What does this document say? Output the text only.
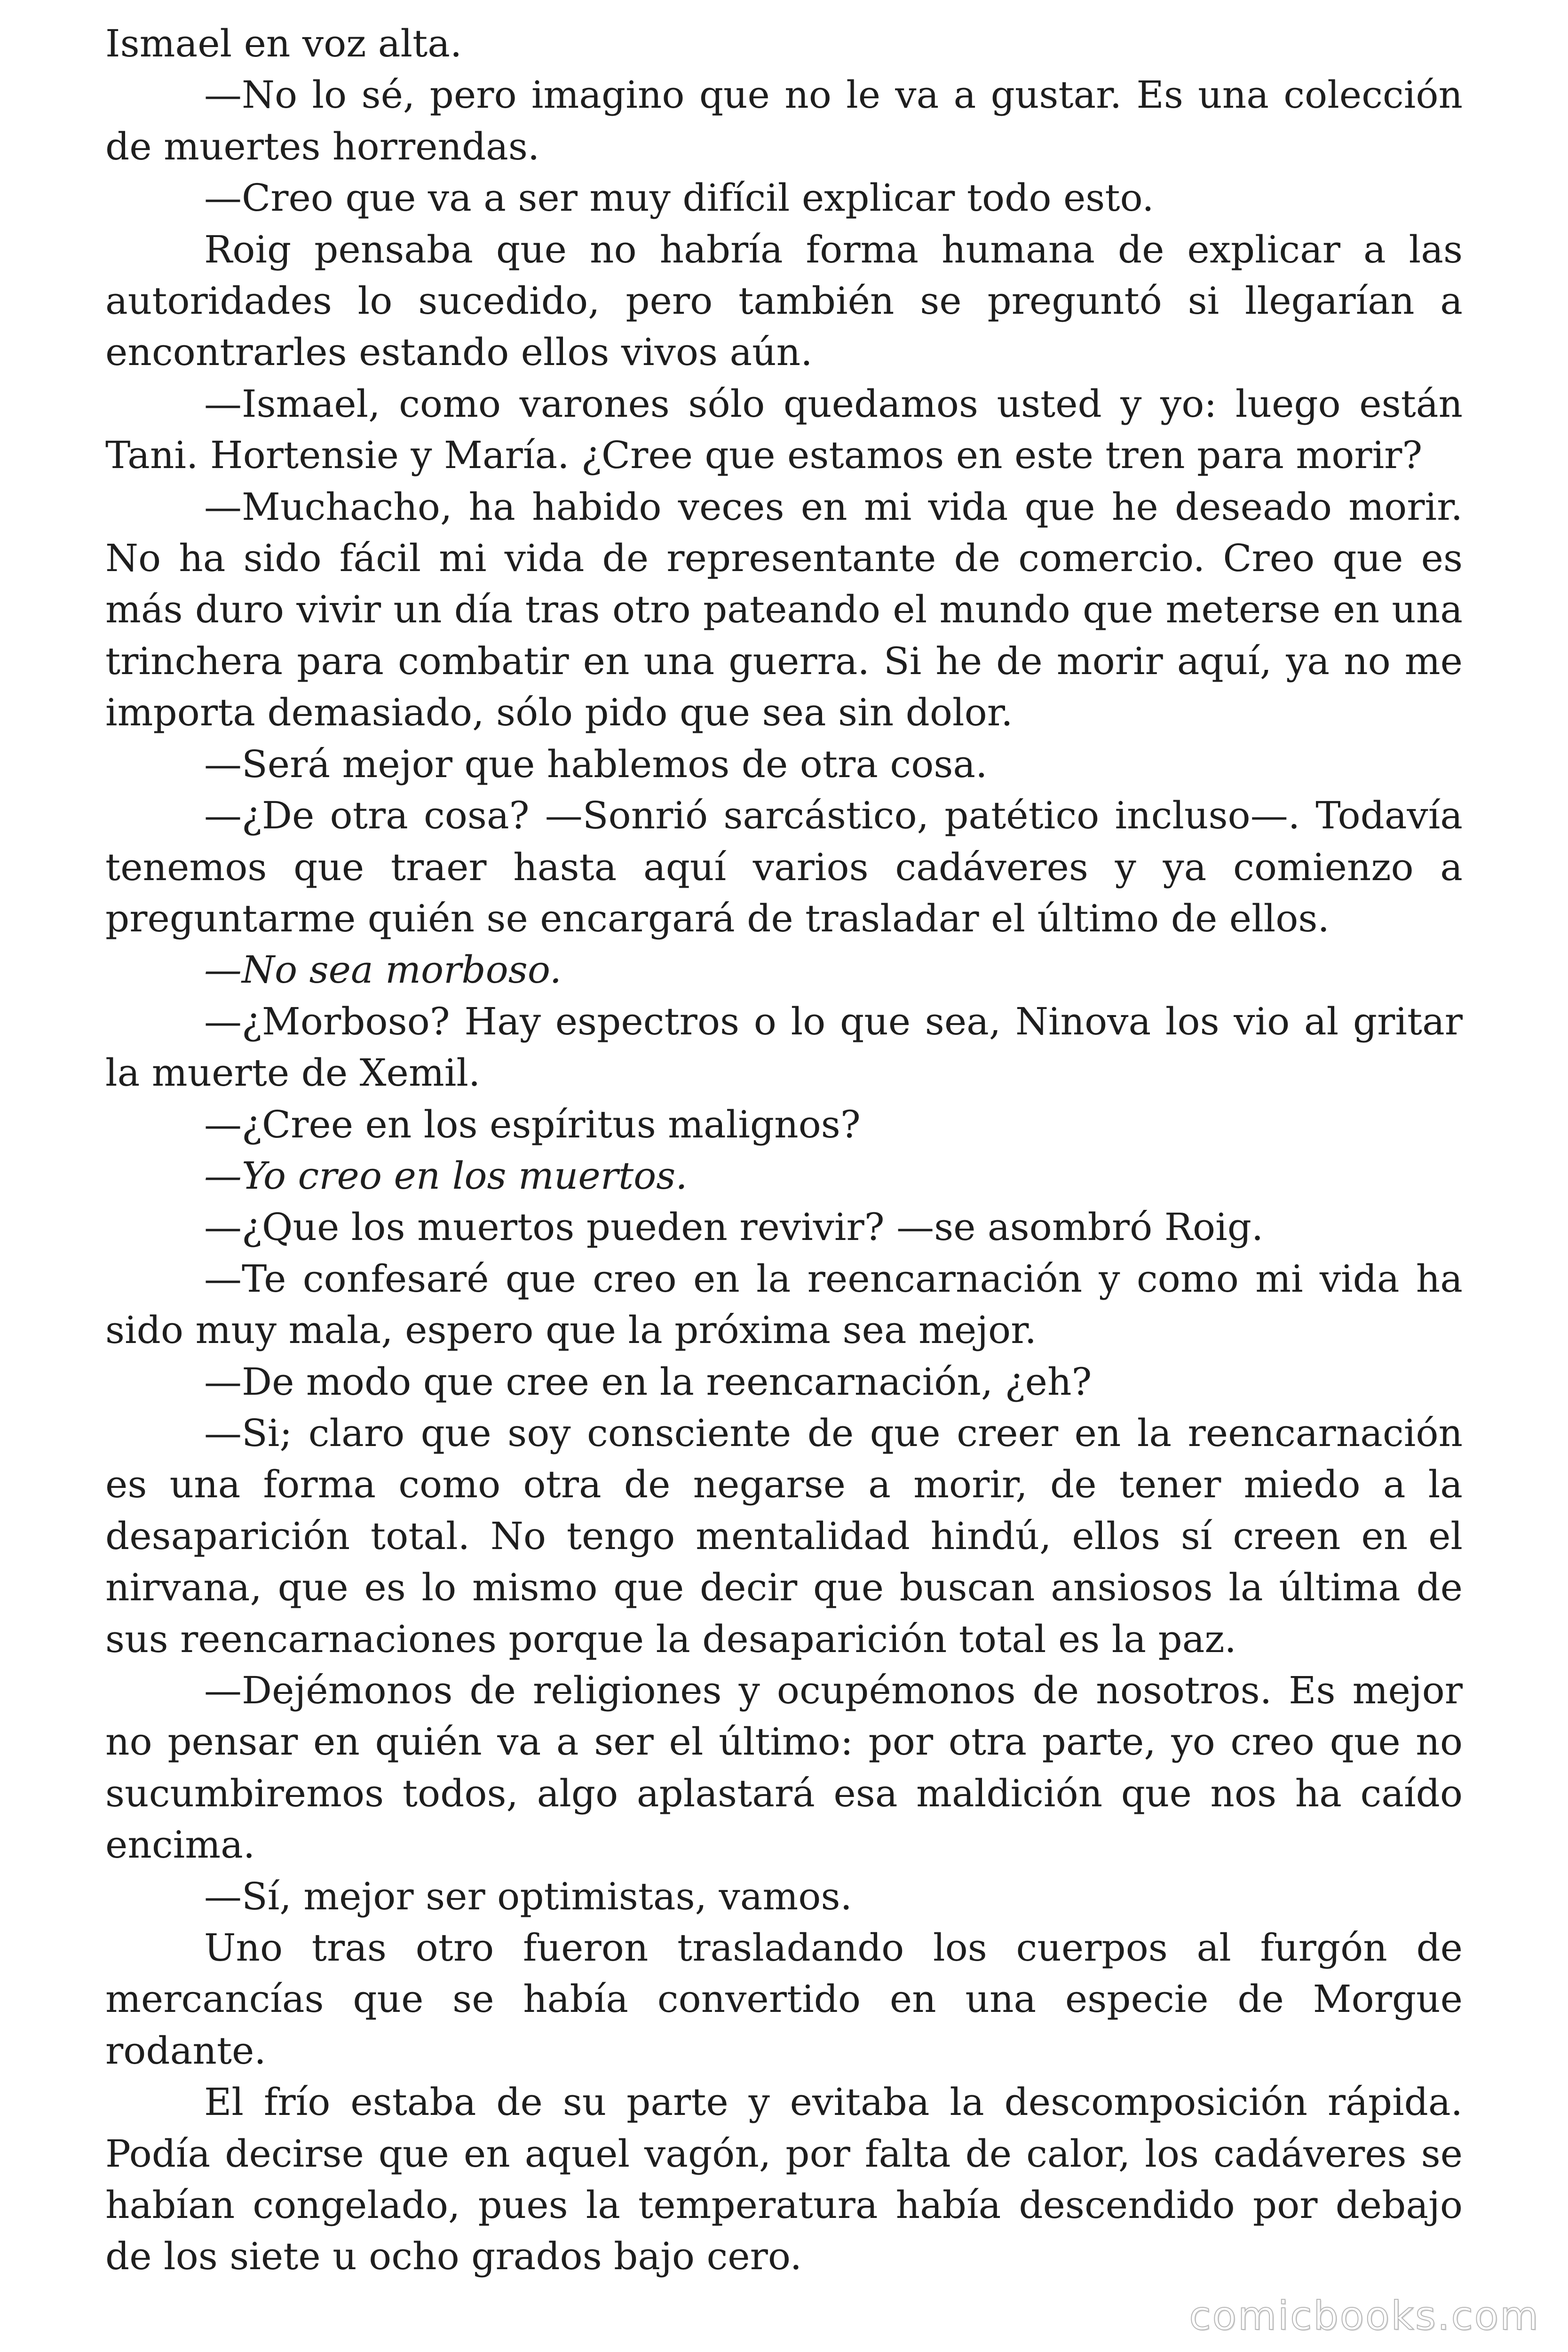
Ismael en voz alta.

—No lo sé, pero imagino que no le va a gustar. Es una colección de muertes horrendas.

—Creo que va a ser muy difícil explicar todo esto.

Roig pensaba que no habría forma humana de explicar a las autoridades lo sucedido, pero también se preguntó si llegarían a encontrarles estando ellos vivos aún.

—Ismael, como varones sólo quedamos usted y yo: luego están Tani. Hortensie y María. ¿Cree que estamos en este tren para morir?

—Muchacho, ha habido veces en mi vida que he deseado morir. No ha sido fácil mi vida de representante de comercio. Creo que es más duro vivir un día tras otro pateando el mundo que meterse en una trinchera para combatir en una guerra. Si he de morir aquí, ya no me importa demasiado, sólo pido que sea sin dolor.

—Será mejor que hablemos de otra cosa.

—¿De otra cosa? —Sonrió sarcástico, patético incluso—. Todavía tenemos que traer hasta aquí varios cadáveres y ya comienzo a preguntarme quién se encargará de trasladar el último de ellos.

—No sea morboso.

—¿Morboso? Hay espectros o lo que sea, Ninova los vio al gritar la muerte de Xemil.

—¿Cree en los espíritus malignos?

—Yo creo en los muertos.

—¿Que los muertos pueden revivir? —se asombró Roig.

—Te confesaré que creo en la reencarnación y como mi vida ha sido muy mala, espero que la próxima sea mejor.

—De modo que cree en la reencarnación, ¿eh?

—Si; claro que soy consciente de que creer en la reencarnación es una forma como otra de negarse a morir, de tener miedo a la desaparición total. No tengo mentalidad hindú, ellos sí creen en el nirvana, que es lo mismo que decir que buscan ansiosos la última de sus reencarnaciones porque la desaparición total es la paz.

—Dejémonos de religiones y ocupémonos de nosotros. Es mejor no pensar en quién va a ser el último: por otra parte, yo creo que no sucumbiremos todos, algo aplastará esa maldición que nos ha caído encima.

—Sí, mejor ser optimistas, vamos.

Uno tras otro fueron trasladando los cuerpos al furgón de mercancías que se había convertido en una especie de Morgue rodante.

El frío estaba de su parte y evitaba la descomposición rápida. Podía decirse que en aquel vagón, por falta de calor, los cadáveres se habían congelado, pues la temperatura había descendido por debajo de los siete u ocho grados bajo cero.

comicbooks.com
